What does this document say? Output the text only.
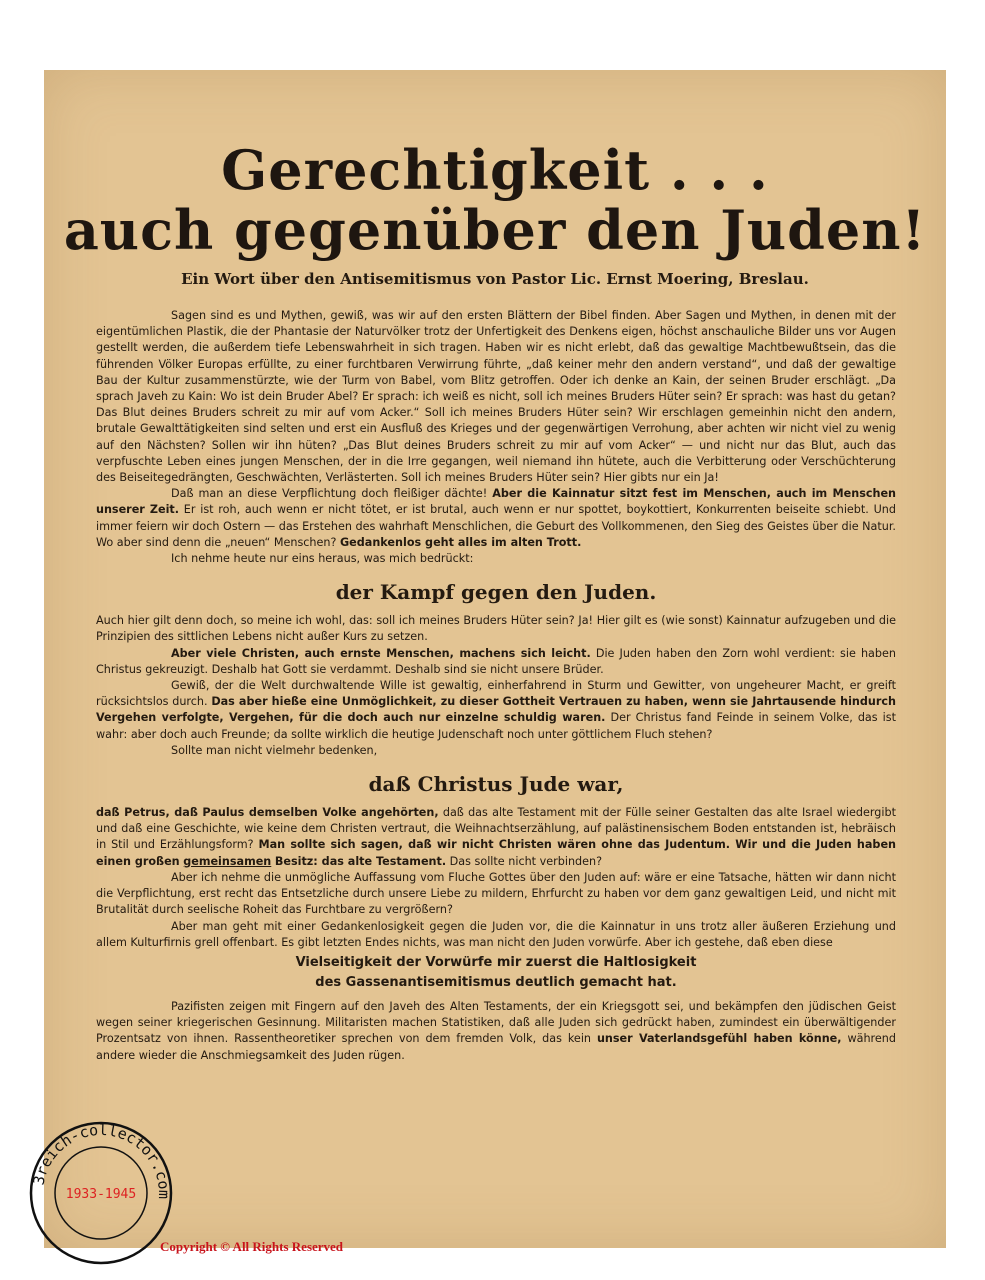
Gerechtigkeit . . .
auch gegenüber den Juden!
Ein Wort über den Antisemitismus von Pastor Lic. Ernst Moering, Breslau.

Sagen sind es und Mythen, gewiß, was wir auf den ersten Blättern der Bibel finden. Aber Sagen und Mythen, in denen mit der eigentümlichen Plastik, die der Phantasie der Naturvölker trotz der Unfertigkeit des Denkens eigen, höchst anschauliche Bilder uns vor Augen gestellt werden, die außerdem tiefe Lebenswahrheit in sich tragen. Haben wir es nicht erlebt, daß das gewaltige Machtbewußtsein, das die führenden Völker Europas erfüllte, zu einer furchtbaren Verwirrung führte, „daß keiner mehr den andern verstand“, und daß der gewaltige Bau der Kultur zusammenstürzte, wie der Turm von Babel, vom Blitz getroffen. Oder ich denke an Kain, der seinen Bruder erschlägt. „Da sprach Javeh zu Kain: Wo ist dein Bruder Abel? Er sprach: ich weiß es nicht, soll ich meines Bruders Hüter sein? Er sprach: was hast du getan? Das Blut deines Bruders schreit zu mir auf vom Acker.“ Soll ich meines Bruders Hüter sein? Wir erschlagen gemeinhin nicht den andern, brutale Gewalttätigkeiten sind selten und erst ein Ausfluß des Krieges und der gegenwärtigen Verrohung, aber achten wir nicht viel zu wenig auf den Nächsten? Sollen wir ihn hüten? „Das Blut deines Bruders schreit zu mir auf vom Acker“ — und nicht nur das Blut, auch das verpfuschte Leben eines jungen Menschen, der in die Irre gegangen, weil niemand ihn hütete, auch die Verbitterung oder Verschüchterung des Beiseitegedrängten, Geschwächten, Verlästerten. Soll ich meines Bruders Hüter sein? Hier gibts nur ein Ja!

Daß man an diese Verpflichtung doch fleißiger dächte! Aber die Kainnatur sitzt fest im Menschen, auch im Menschen unserer Zeit. Er ist roh, auch wenn er nicht tötet, er ist brutal, auch wenn er nur spottet, boykottiert, Konkurrenten beiseite schiebt. Und immer feiern wir doch Ostern — das Erstehen des wahrhaft Menschlichen, die Geburt des Vollkommenen, den Sieg des Geistes über die Natur. Wo aber sind denn die „neuen“ Menschen? Gedankenlos geht alles im alten Trott.

Ich nehme heute nur eins heraus, was mich bedrückt:

der Kampf gegen den Juden.

Auch hier gilt denn doch, so meine ich wohl, das: soll ich meines Bruders Hüter sein? Ja! Hier gilt es (wie sonst) Kainnatur aufzugeben und die Prinzipien des sittlichen Lebens nicht außer Kurs zu setzen.

Aber viele Christen, auch ernste Menschen, machens sich leicht. Die Juden haben den Zorn wohl verdient: sie haben Christus gekreuzigt. Deshalb hat Gott sie verdammt. Deshalb sind sie nicht unsere Brüder.

Gewiß, der die Welt durchwaltende Wille ist gewaltig, einherfahrend in Sturm und Gewitter, von ungeheurer Macht, er greift rücksichtslos durch. Das aber hieße eine Unmöglichkeit, zu dieser Gottheit Vertrauen zu haben, wenn sie Jahrtausende hindurch Vergehen verfolgte, Vergehen, für die doch auch nur einzelne schuldig waren. Der Christus fand Feinde in seinem Volke, das ist wahr: aber doch auch Freunde; da sollte wirklich die heutige Judenschaft noch unter göttlichem Fluch stehen?

Sollte man nicht vielmehr bedenken,

daß Christus Jude war,

daß Petrus, daß Paulus demselben Volke angehörten, daß das alte Testament mit der Fülle seiner Gestalten das alte Israel wiedergibt und daß eine Geschichte, wie keine dem Christen vertraut, die Weihnachtserzählung, auf palästinensischem Boden entstanden ist, hebräisch in Stil und Erzählungsform? Man sollte sich sagen, daß wir nicht Christen wären ohne das Judentum. Wir und die Juden haben einen großen gemeinsamen Besitz: das alte Testament. Das sollte nicht verbinden?

Aber ich nehme die unmögliche Auffassung vom Fluche Gottes über den Juden auf: wäre er eine Tatsache, hätten wir dann nicht die Verpflichtung, erst recht das Entsetzliche durch unsere Liebe zu mildern, Ehrfurcht zu haben vor dem ganz gewaltigen Leid, und nicht mit Brutalität durch seelische Roheit das Furchtbare zu vergrößern?

Aber man geht mit einer Gedankenlosigkeit gegen die Juden vor, die die Kainnatur in uns trotz aller äußeren Erziehung und allem Kulturfirnis grell offenbart. Es gibt letzten Endes nichts, was man nicht den Juden vorwürfe. Aber ich gestehe, daß eben diese

Vielseitigkeit der Vorwürfe mir zuerst die Haltlosigkeit
des Gassenantisemitismus deutlich gemacht hat.

Pazifisten zeigen mit Fingern auf den Javeh des Alten Testaments, der ein Kriegsgott sei, und bekämpfen den jüdischen Geist wegen seiner kriegerischen Gesinnung. Militaristen machen Statistiken, daß alle Juden sich gedrückt haben, zumindest ein überwältigender Prozentsatz von ihnen. Rassentheoretiker sprechen von dem fremden Volk, das kein unser Vaterlandsgefühl haben könne, während andere wieder die Anschmiegsamkeit des Juden rügen.

3reich-collector.com
1933-1945
Copyright © All Rights Reserved
